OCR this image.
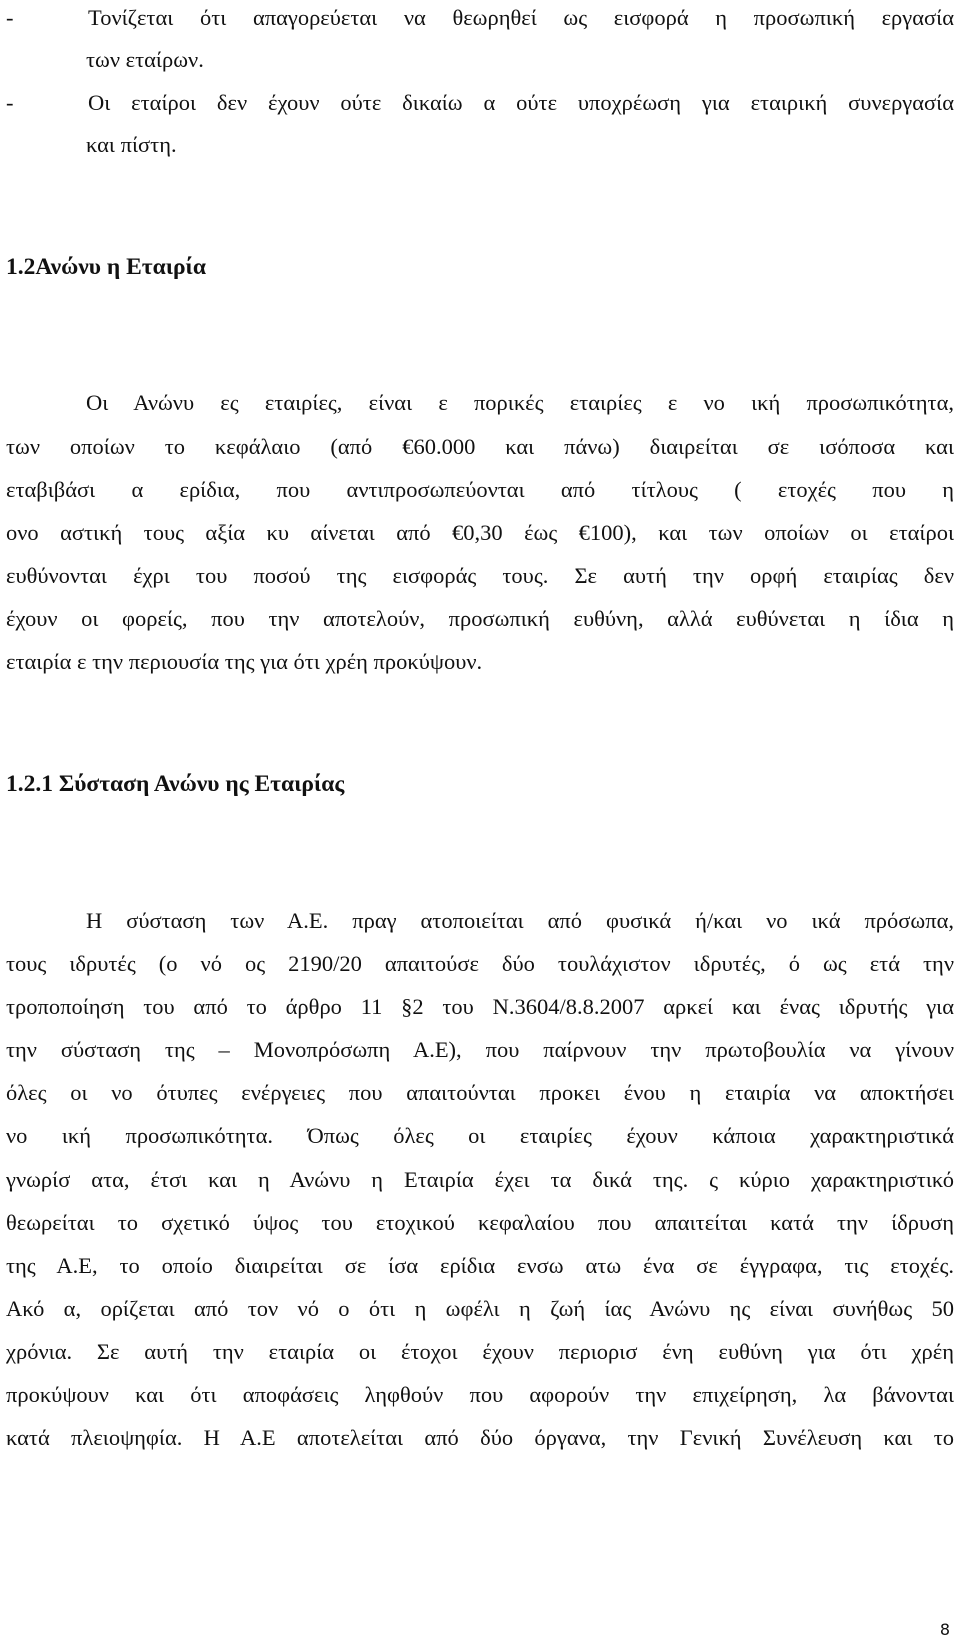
-	Τονίζεται ότι απαγορεύεται να θεωρηθεί ως εισφορά η προσωπική εργασία

των εταίρων.

-	Οι εταίροι δεν έχουν ούτε δικαίω α ούτε υποχρέωση για εταιρική συνεργασία

και πίστη.

1.2Ανώνυ η Εταιρία

Οι Ανώνυ ες εταιρίες, είναι ε πορικές εταιρίες ε νο ική προσωπικότητα,

των οποίων το κεφάλαιο (από €60.000 και πάνω) διαιρείται σε ισόποσα και

εταβιβάσι α ερίδια, που αντιπροσωπεύονται από τίτλους ( ετοχές που η

ονο αστική τους αξία κυ αίνεται από €0,30 έως €100), και των οποίων οι εταίροι

ευθύνονται έχρι του ποσού της εισφοράς τους. Σε αυτή την ορφή εταιρίας δεν

έχουν οι φορείς, που την αποτελούν, προσωπική ευθύνη, αλλά ευθύνεται η ίδια η

εταιρία ε την περιουσία της για ότι χρέη προκύψουν.

1.2.1 Σύσταση Ανώνυ ης Εταιρίας

Η σύσταση των Α.Ε. πραγ ατοποιείται από φυσικά ή/και νο ικά πρόσωπα,

τους ιδρυτές (ο νό ος 2190/20 απαιτούσε δύο τουλάχιστον ιδρυτές, ό ως ετά την

τροποποίηση του από το άρθρο 11 §2 του Ν.3604/8.8.2007 αρκεί και ένας ιδρυτής για

την σύσταση της – Μονοπρόσωπη Α.Ε), που παίρνουν την πρωτοβουλία να γίνουν

όλες οι νο ότυπες ενέργειες που απαιτούνται προκει ένου η εταιρία να αποκτήσει

νο ική προσωπικότητα. Όπως όλες οι εταιρίες έχουν κάποια χαρακτηριστικά

γνωρίσ ατα, έτσι και η Ανώνυ η Εταιρία έχει τα δικά της. ς κύριο χαρακτηριστικό

θεωρείται το σχετικό ύψος του ετοχικού κεφαλαίου που απαιτείται κατά την ίδρυση

της Α.Ε, το οποίο διαιρείται σε ίσα ερίδια ενσω ατω ένα σε έγγραφα, τις ετοχές.

Ακό α, ορίζεται από τον νό ο ότι η ωφέλι η ζωή ίας Ανώνυ ης είναι συνήθως 50

χρόνια. Σε αυτή την εταιρία οι έτοχοι έχουν περιορισ ένη ευθύνη για ότι χρέη

προκύψουν και ότι αποφάσεις ληφθούν που αφορούν την επιχείρηση, λα βάνονται

κατά πλειοψηφία. Η Α.Ε αποτελείται από δύο όργανα, την Γενική Συνέλευση και το

8
